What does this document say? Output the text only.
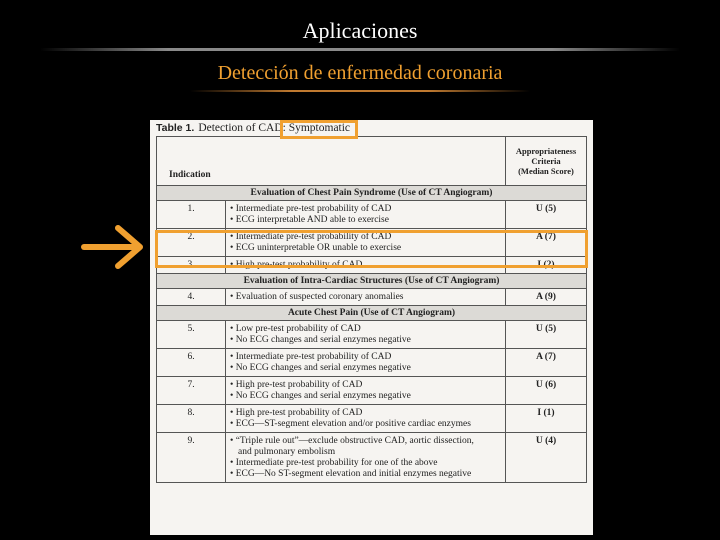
Aplicaciones
Detección de enfermedad coronaria
Table 1. Detection of CAD: Symptomatic
Indication		Appropriateness
Criteria
(Median Score)
Evaluation of Chest Pain Syndrome (Use of CT Angiogram)		
1.	• Intermediate pre-test probability of CAD
• ECG interpretable AND able to exercise	U (5)
2.	• Intermediate pre-test probability of CAD
• ECG uninterpretable OR unable to exercise	A (7)
3.	• High pre-test probability of CAD	I (2)
Evaluation of Intra-Cardiac Structures (Use of CT Angiogram)		
4.	• Evaluation of suspected coronary anomalies	A (9)
Acute Chest Pain (Use of CT Angiogram)		
5.	• Low pre-test probability of CAD
• No ECG changes and serial enzymes negative	U (5)
6.	• Intermediate pre-test probability of CAD
• No ECG changes and serial enzymes negative	A (7)
7.	• High pre-test probability of CAD
• No ECG changes and serial enzymes negative	U (6)
8.	• High pre-test probability of CAD
• ECG—ST-segment elevation and/or positive cardiac enzymes	I (1)
9.	• “Triple rule out”—exclude obstructive CAD, aortic dissection,
and pulmonary embolism
• Intermediate pre-test probability for one of the above
• ECG—No ST-segment elevation and initial enzymes negative	U (4)
